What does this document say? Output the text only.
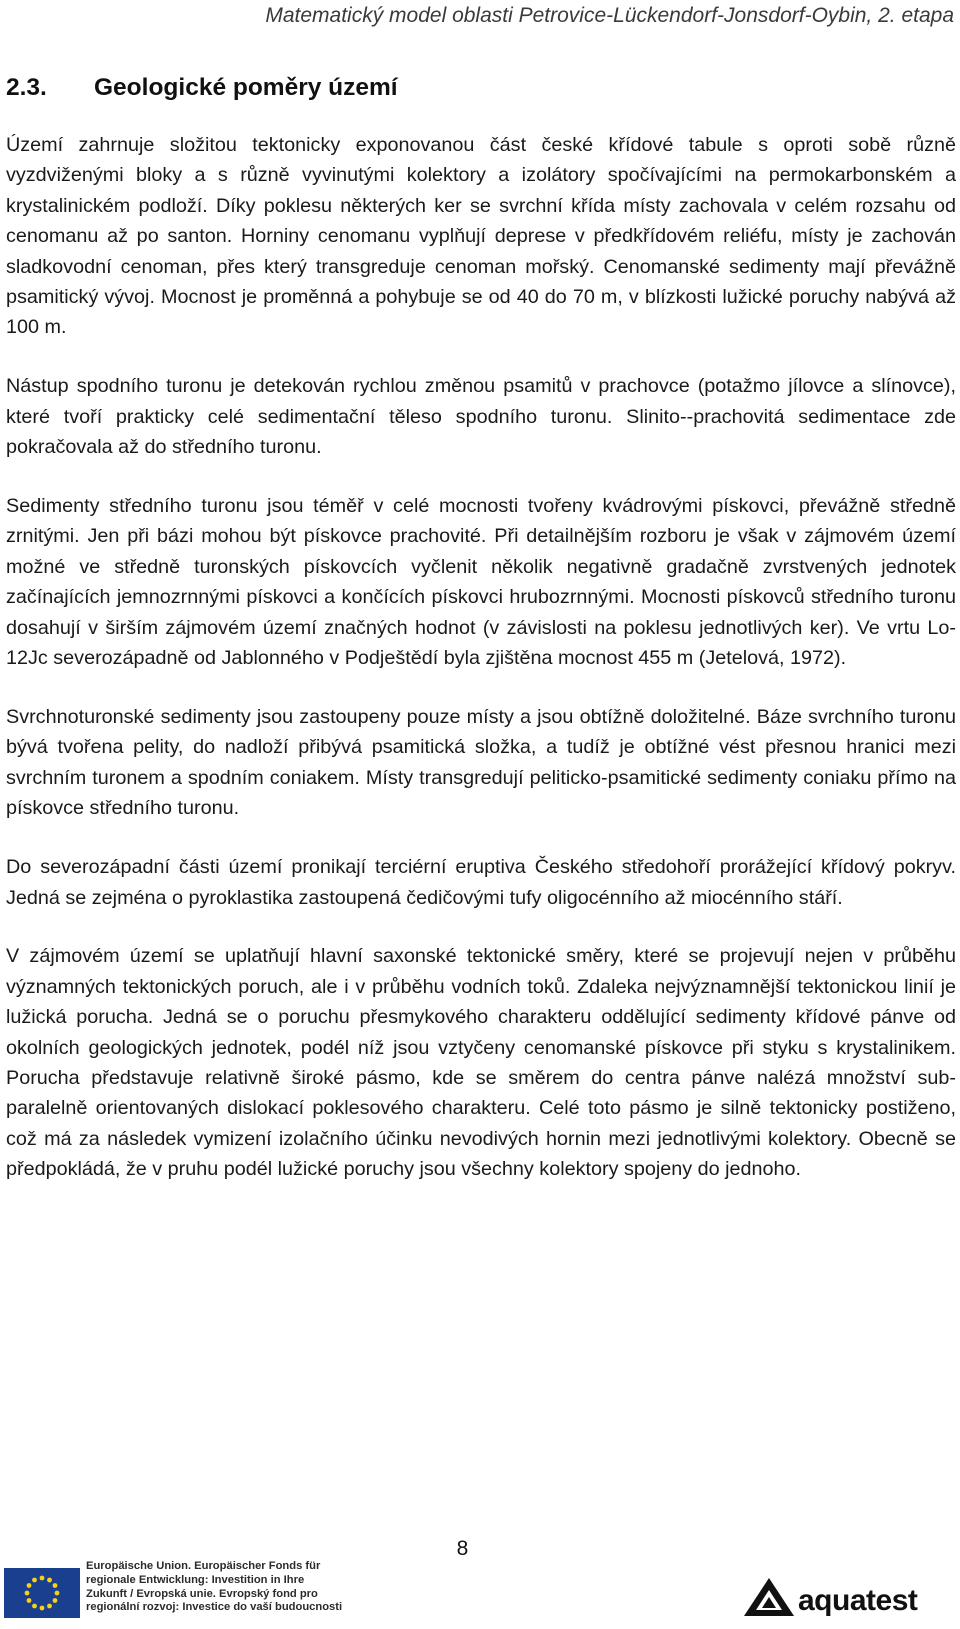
Matematický model oblasti Petrovice-Lückendorf-Jonsdorf-Oybin, 2. etapa
2.3. Geologické poměry území

Území zahrnuje složitou tektonicky exponovanou část české křídové tabule s oproti sobě různě vyzdviženými bloky a s různě vyvinutými kolektory a izolátory spočívajícími na permokarbonském a krystalinickém podloží. Díky poklesu některých ker se svrchní křída místy zachovala v celém rozsahu od cenomanu až po santon. Horniny cenomanu vyplňují deprese v předkřídovém reliéfu, místy je zachován sladkovodní cenoman, přes který transgreduje cenoman mořský. Cenomanské sedimenty mají převážně psamitický vývoj. Mocnost je proměnná a pohybuje se od 40 do 70 m, v blízkosti lužické poruchy nabývá až 100 m.

Nástup spodního turonu je detekován rychlou změnou psamitů v prachovce (potažmo jílovce a slínovce), které tvoří prakticky celé sedimentační těleso spodního turonu. Slinito--prachovitá sedimentace zde pokračovala až do středního turonu.

Sedimenty středního turonu jsou téměř v celé mocnosti tvořeny kvádrovými pískovci, převážně středně zrnitými. Jen při bázi mohou být pískovce prachovité. Při detailnějším rozboru je však v zájmovém území možné ve středně turonských pískovcích vyčlenit několik negativně gradačně zvrstvených jednotek začínajících jemnozrnnými pískovci a končících pískovci hrubozrnnými. Mocnosti pískovců středního turonu dosahují v širším zájmovém území značných hodnot (v závislosti na poklesu jednotlivých ker). Ve vrtu Lo-12Jc severozápadně od Jablonného v Podještědí byla zjištěna mocnost 455 m (Jetelová, 1972).

Svrchnoturonské sedimenty jsou zastoupeny pouze místy a jsou obtížně doložitelné. Báze svrchního turonu bývá tvořena pelity, do nadloží přibývá psamitická složka, a tudíž je obtížné vést přesnou hranici mezi svrchním turonem a spodním coniakem. Místy transgredují peliticko-psamitické sedimenty coniaku přímo na pískovce středního turonu.

Do severozápadní části území pronikají terciérní eruptiva Českého středohoří prorážející křídový pokryv. Jedná se zejména o pyroklastika zastoupená čedičovými tufy oligocénního až miocénního stáří.

V zájmovém území se uplatňují hlavní saxonské tektonické směry, které se projevují nejen v průběhu významných tektonických poruch, ale i v průběhu vodních toků. Zdaleka nejvýznamnější tektonickou linií je lužická porucha. Jedná se o poruchu přesmykového charakteru oddělující sedimenty křídové pánve od okolních geologických jednotek, podél níž jsou vztyčeny cenomanské pískovce při styku s krystalinikem. Porucha představuje relativně široké pásmo, kde se směrem do centra pánve nalézá množství sub-paralelně orientovaných dislokací poklesového charakteru. Celé toto pásmo je silně tektonicky postiženo, což má za následek vymizení izolačního účinku nevodivých hornin mezi jednotlivými kolektory. Obecně se předpokládá, že v pruhu podél lužické poruchy jsou všechny kolektory spojeny do jednoho.

Europäische Union. Europäischer Fonds für
regionale Entwicklung: Investition in Ihre
Zukunft / Evropská unie. Evropský fond pro
regionální rozvoj: Investice do vaší budoucnosti
8
aquatest
